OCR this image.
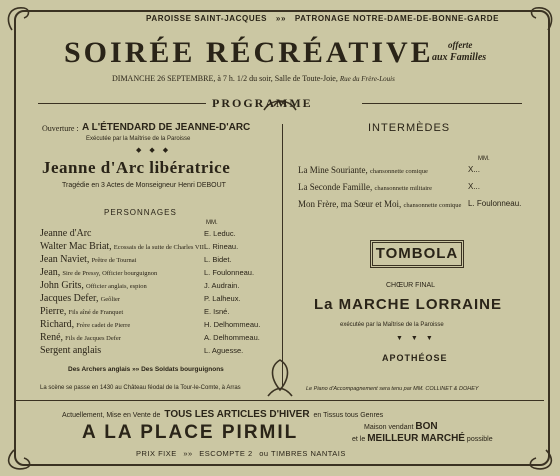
PAROISSE SAINT-JACQUES »» PATRONAGE NOTRE-DAME-DE-BONNE-GARDE
SOIRÉE RÉCRÉATIVE offerte
aux Familles
DIMANCHE 26 SEPTEMBRE, à 7 h. 1/2 du soir, Salle de Toute-Joie, Rue du Frère-Louis
PROGRAMME
Ouverture : A L'ÉTENDARD DE JEANNE-D'ARC
Exécutée par la Maîtrise de la Paroisse
◆◆◆
Jeanne d'Arc libératrice
Tragédie en 3 Actes de Monseigneur Henri DEBOUT
PERSONNAGES
MM.
Jeanne d'Arc	E. Leduc.
Walter Mac Briat, Ecossais de la suite de Charles VII L. Rineau.
Jean Naviet, Prêtre de Tournai	L. Bidet.
Jean, Sire de Pressy, Officier bourguignon	L. Foulonneau.
John Grits, Officier anglais, espion	J. Audrain.
Jacques Defer, Geôlier	P. Lalheux.
Pierre, Fils aîné de Franquet	E. Isné.
Richard, Frère cadet de Pierre	H. Delhommeau.
René, Fils de Jacques Defer	A. Delhommeau.
Sergent anglais	L. Aguesse.
Des Archers anglais »» Des Soldats bourguignons
La scène se passe en 1430 au Château féodal de la Tour-le-Comte, à Arras
INTERMÈDES
MM.
La Mine Souriante, chansonnette comique	X...
La Seconde Famille, chansonnette militaire	X...
Mon Frère, ma Sœur et Moi, chansonnette comique L. Foulonneau.
TOMBOLA
CHŒUR FINAL
La MARCHE LORRAINE
exécutée par la Maîtrise de la Paroisse
▼▼▼
APOTHÉOSE
Le Piano d'Accompagnement sera tenu par MM. COLLINET & DOHEY
Actuellement, Mise en Vente de TOUS LES ARTICLES D'HIVER en Tissus tous Genres
A LA PLACE PIRMIL	Maison vendant BON
et le MEILLEUR MARCHÉ possible
PRIX FIXE »» ESCOMPTE 2 ou TIMBRES NANTAIS
